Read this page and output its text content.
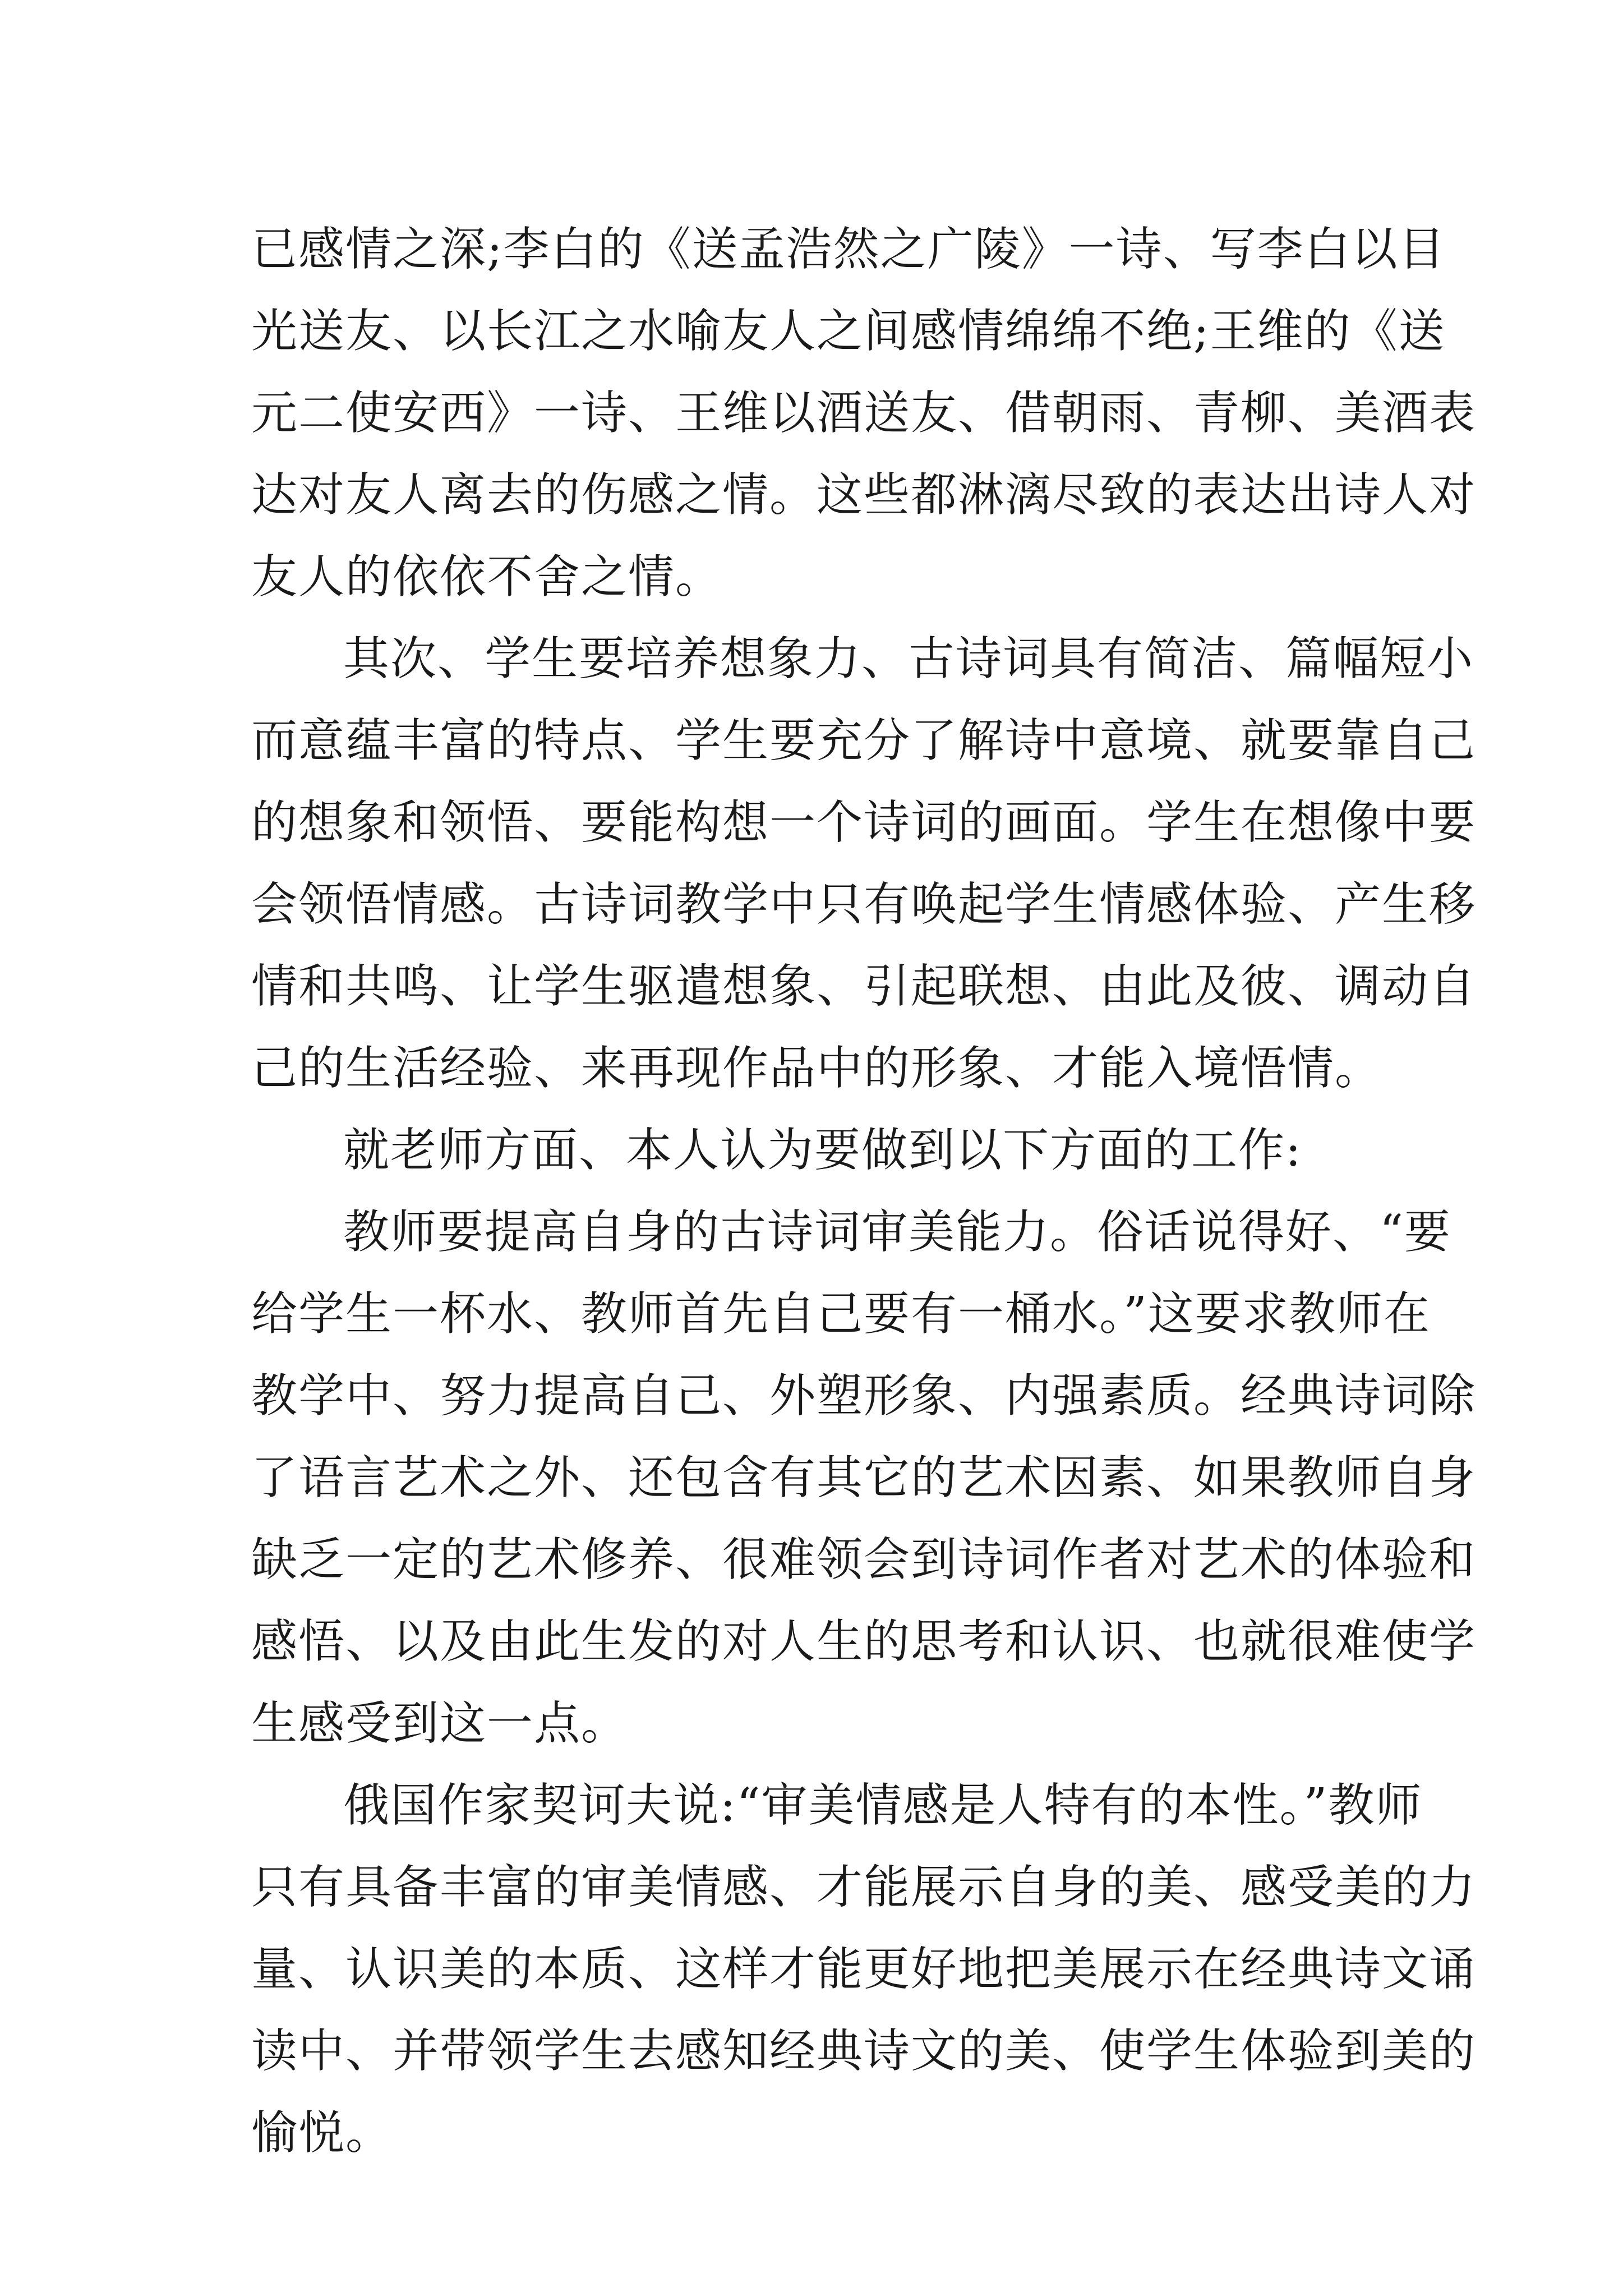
已感情之深;李白的《送孟浩然之广陵》一诗、写李白以目
光送友、以长江之水喻友人之间感情绵绵不绝;王维的《送
元二使安西》一诗、王维以酒送友、借朝雨、青柳、美酒表
达对友人离去的伤感之情。这些都淋漓尽致的表达出诗人对
友人的依依不舍之情。
其次、学生要培养想象力、古诗词具有简洁、篇幅短小
而意蕴丰富的特点、学生要充分了解诗中意境、就要靠自己
的想象和领悟、要能构想一个诗词的画面。学生在想像中要
会领悟情感。古诗词教学中只有唤起学生情感体验、产生移
情和共鸣、让学生驱遣想象、引起联想、由此及彼、调动自
己的生活经验、来再现作品中的形象、才能入境悟情。
就老师方面、本人认为要做到以下方面的工作:
教师要提高自身的古诗词审美能力。俗话说得好、“要
给学生一杯水、教师首先自己要有一桶水。”这要求教师在
教学中、努力提高自己、外塑形象、内强素质。经典诗词除
了语言艺术之外、还包含有其它的艺术因素、如果教师自身
缺乏一定的艺术修养、很难领会到诗词作者对艺术的体验和
感悟、以及由此生发的对人生的思考和认识、也就很难使学
生感受到这一点。
俄国作家契诃夫说:“审美情感是人特有的本性。”教师
只有具备丰富的审美情感、才能展示自身的美、感受美的力
量、认识美的本质、这样才能更好地把美展示在经典诗文诵
读中、并带领学生去感知经典诗文的美、使学生体验到美的
愉悦。
